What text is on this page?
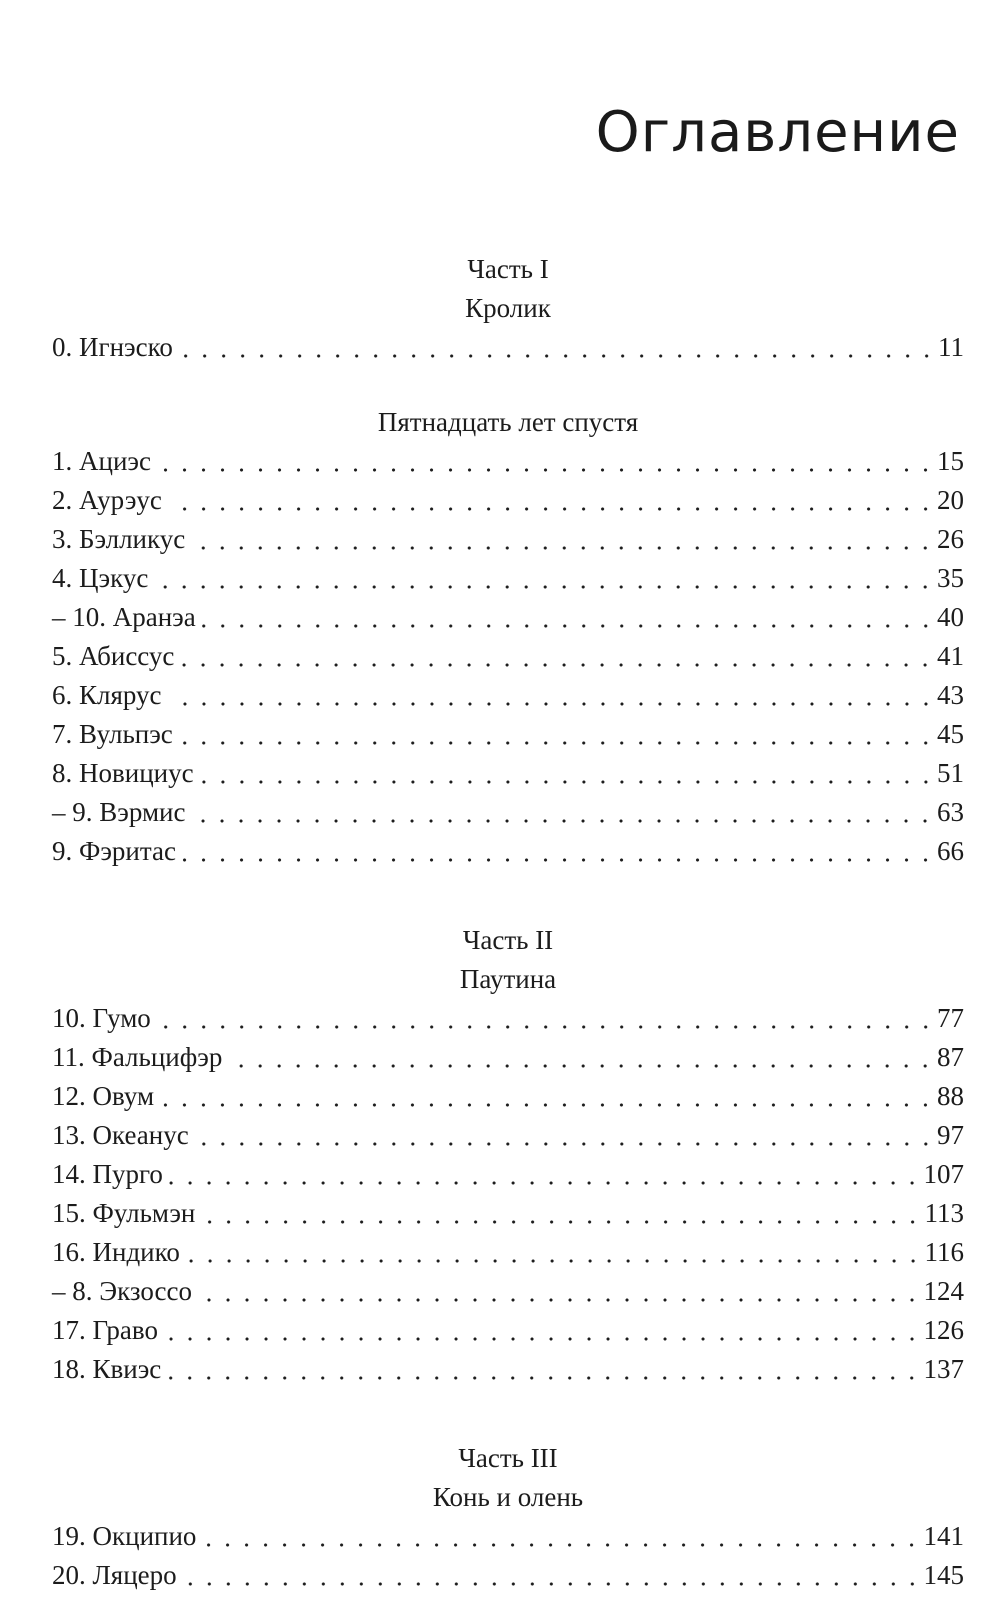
Оглавление
Часть I
Кролик
0. Игнэско	11
Пятнадцать лет спустя
1. Ациэс	15
2. Аурэус	20
3. Бэлликус	26
4. Цэкус	35
– 10. Аранэа	40
5. Абиссус	41
6. Клярус	43
7. Вульпэс	45
8. Новициус	51
– 9. Вэрмис	63
9. Фэритас	66
Часть II
Паутина
10. Гумо	77
11. Фальцифэр	87
12. Овум	88
13. Океанус	97
14. Пурго	107
15. Фульмэн	113
16. Индико	116
– 8. Экзоссо	124
17. Граво	126
18. Квиэс	137
Часть III
Конь и олень
19. Окципио	141
20. Ляцеро	145
